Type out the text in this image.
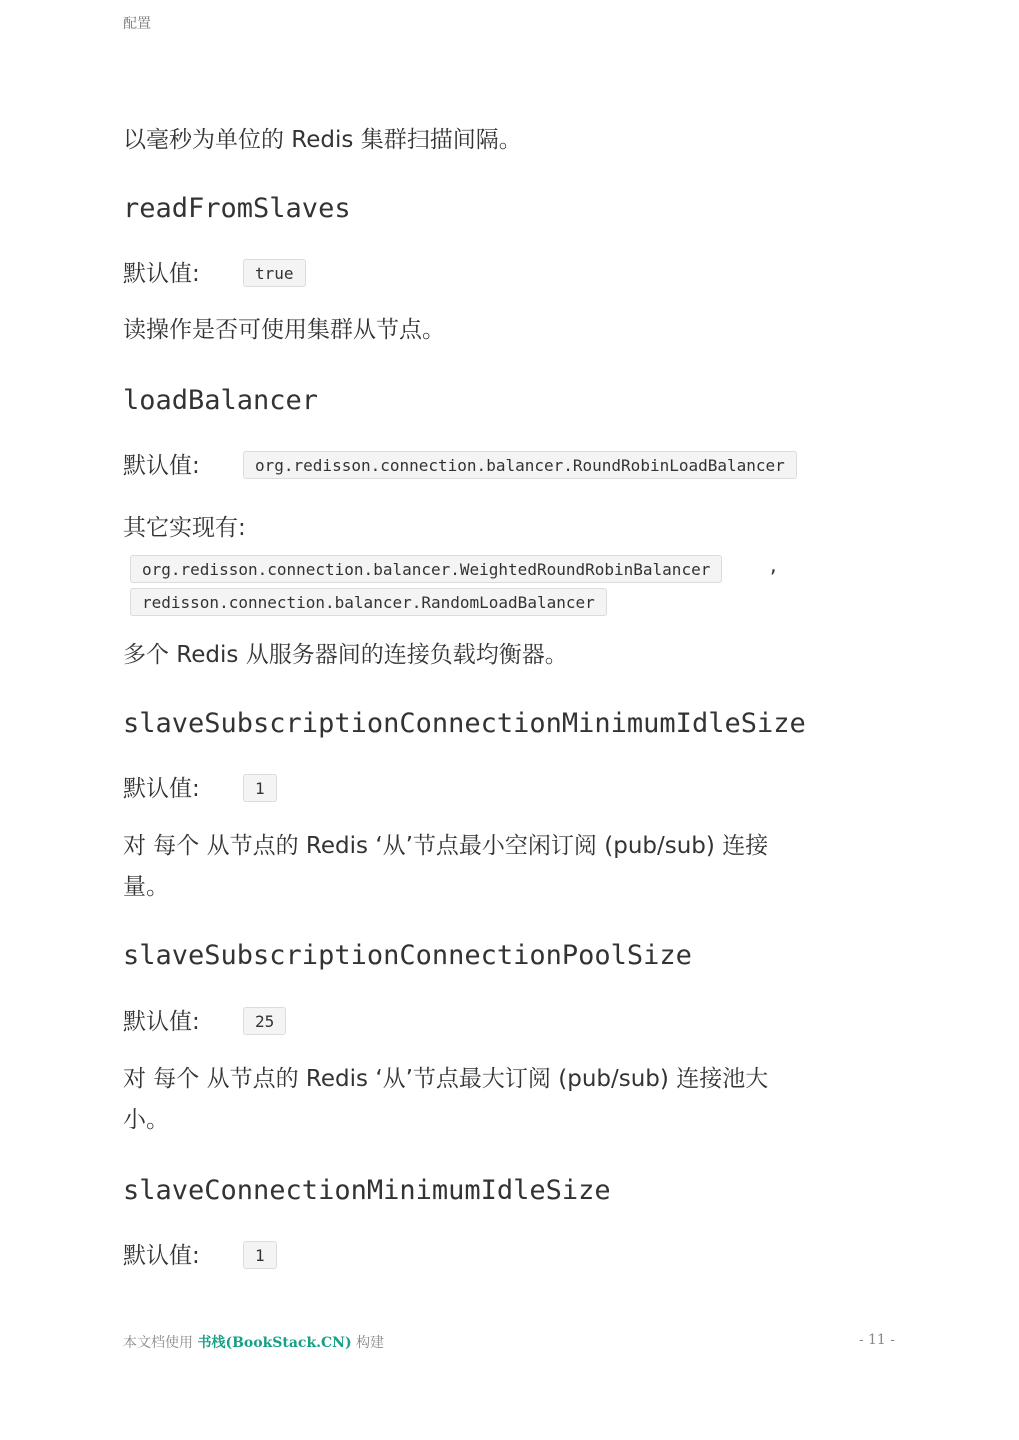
配置
以毫秒为单位的 Redis 集群扫描间隔。
readFromSlaves
默认值:	true
读操作是否可使用集群从节点。
loadBalancer
默认值:	org.redisson.connection.balancer.RoundRobinLoadBalancer
其它实现有:
org.redisson.connection.balancer.WeightedRoundRobinBalancer	,
redisson.connection.balancer.RandomLoadBalancer
多个 Redis 从服务器间的连接负载均衡器。
slaveSubscriptionConnectionMinimumIdleSize
默认值:	1
对 每个 从节点的 Redis ‘从’节点最小空闲订阅 (pub/sub) 连接
量。
slaveSubscriptionConnectionPoolSize
默认值:	25
对 每个 从节点的 Redis ‘从’节点最大订阅 (pub/sub) 连接池大
小。
slaveConnectionMinimumIdleSize
默认值:	1
本文档使用 书栈(BookStack.CN) 构建	- 11 -
